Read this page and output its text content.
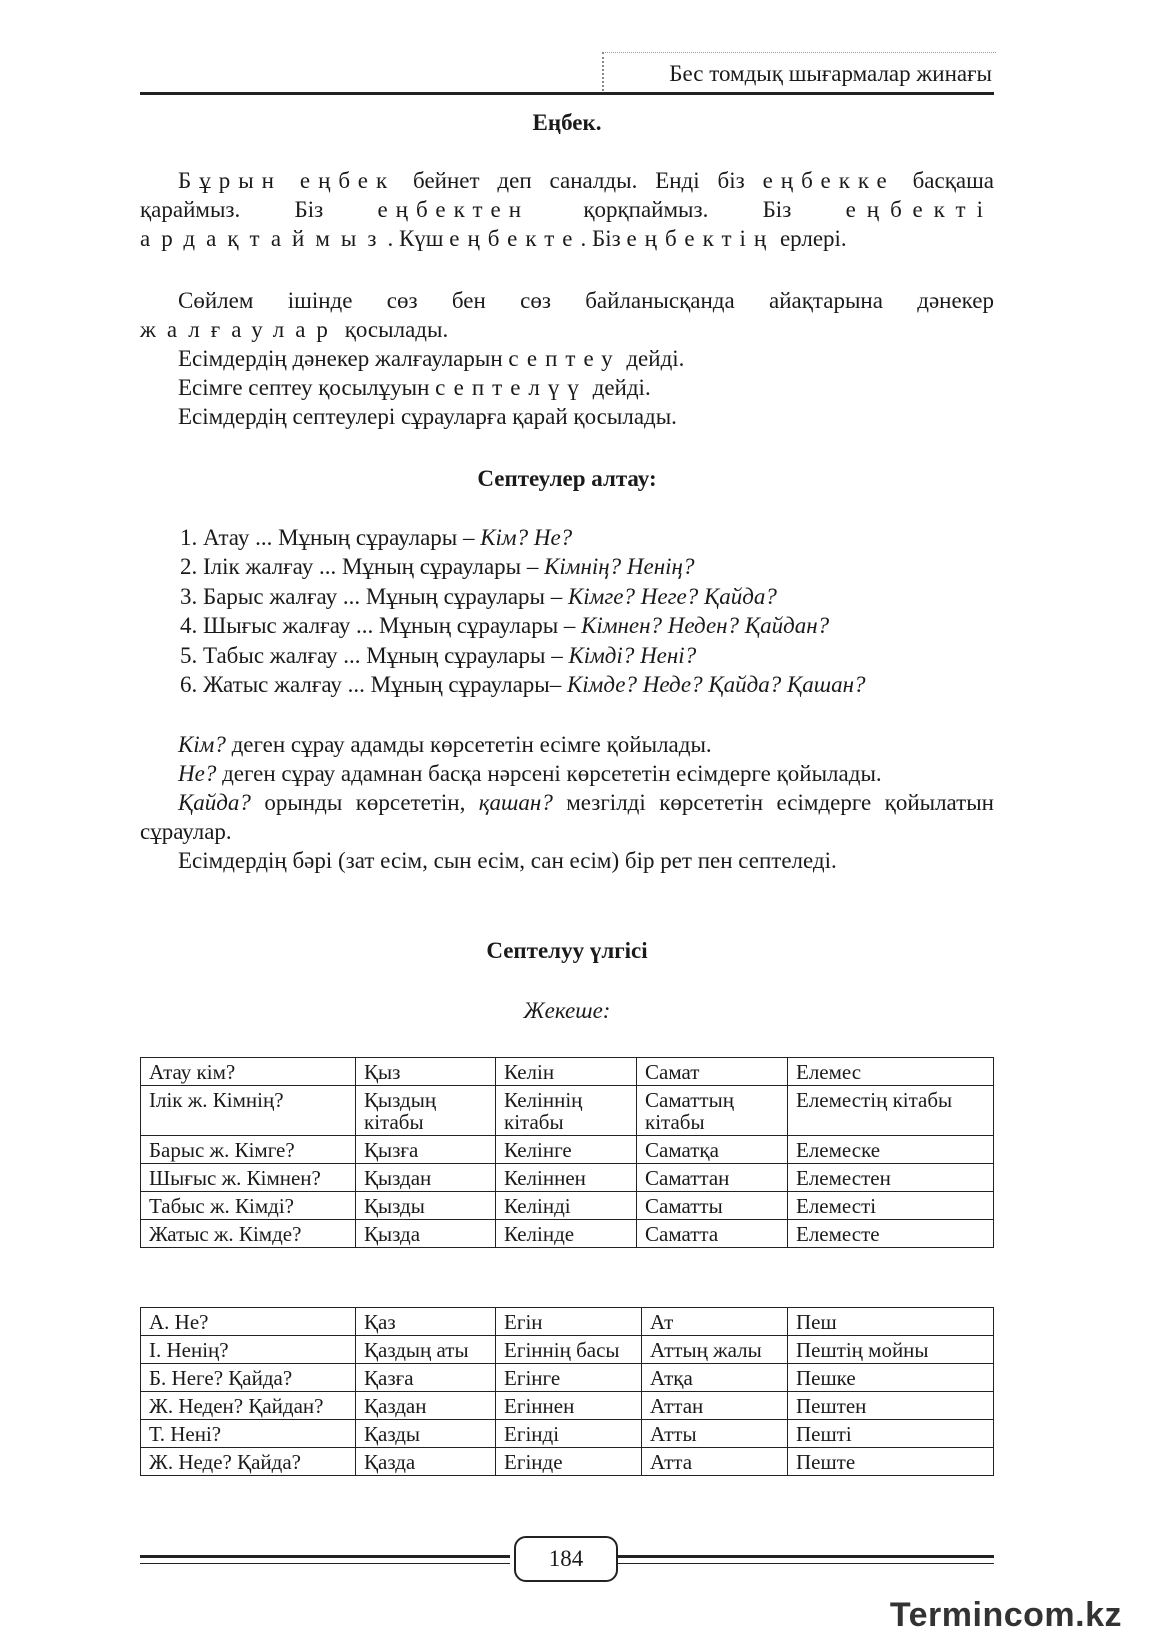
Бес томдық шығармалар жинағы
Еңбек.

Бұрын еңбек бейнет деп саналды. Енді біз еңбекке басқаша қараймыз. Біз еңбектен қорқпаймыз. Біз еңбекті ардақтаймыз. Күш еңбекте. Біз еңбектің ерлері.

Сөйлем ішінде сөз бен сөз байланысқанда айақтарына дәнекер жалғаулар қосылады.

Есімдердің дәнекер жалғауларын септеу дейді.

Есімге септеу қосылұуын септелүү дейді.

Есімдердің септеулері сұрауларға қарай қосылады.

Септеулер алтау:
1. Атау ... Мұның сұраулары – Кім? Не?
2. Ілік жалғау ... Мұның сұраулары – Кімнің? Ненің?
3. Барыс жалғау ... Мұның сұраулары – Кімге? Неге? Қайда?
4. Шығыс жалғау ... Мұның сұраулары – Кімнен? Неден? Қайдан?
5. Табыс жалғау ... Мұның сұраулары – Кімді? Нені?
6. Жатыс жалғау ... Мұның сұраулары– Кімде? Неде? Қайда? Қашан?

Кім? деген сұрау адамды көрсететін есімге қойылады.

Не? деген сұрау адамнан басқа нәрсені көрсететін есімдерге қойылады.

Қайда? орынды көрсететін, қашан? мезгілді көрсететін есімдерге қойылатын сұраулар.

Есімдердің бәрі (зат есім, сын есім, сан есім) бір рет пен септеледі.

Септелуу үлгісі
Жекеше:
Атау кім?	Қыз	Келін	Самат	Елемес
Ілік ж. Кімнің?	Қыздың кітабы	Келіннің кітабы	Саматтың кітабы	Елеместің кітабы
Барыс ж. Кімге?	Қызға	Келінге	Саматқа	Елемеске
Шығыс ж. Кімнен?	Қыздан	Келіннен	Саматтан	Елеместен
Табыс ж. Кімді?	Қызды	Келінді	Саматты	Елеместі
Жатыс ж. Кімде?	Қызда	Келінде	Саматта	Елеместе
А. Не?	Қаз	Егін	Ат	Пеш
І. Ненің?	Қаздың аты	Егіннің басы	Аттың жалы	Пештің мойны
Б. Неге? Қайда?	Қазға	Егінге	Атқа	Пешке
Ж. Неден? Қайдан?	Қаздан	Егіннен	Аттан	Пештен
Т. Нені?	Қазды	Егінді	Атты	Пешті
Ж. Неде? Қайда?	Қазда	Егінде	Атта	Пеште
184
Termincom.kz
